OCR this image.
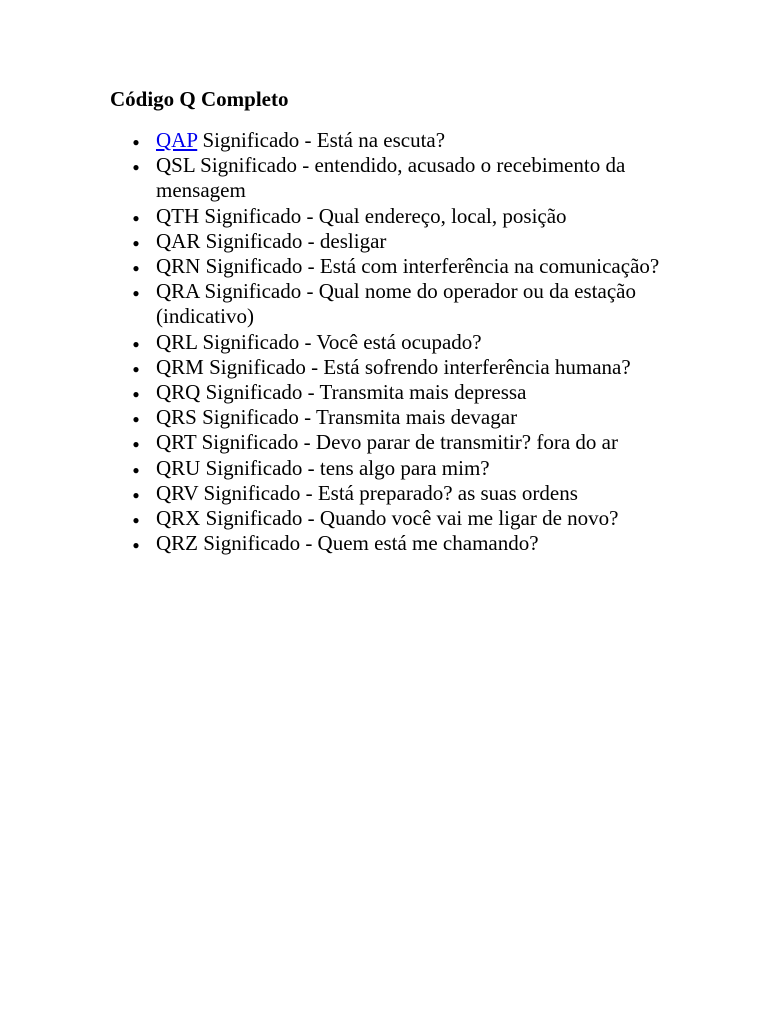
Código Q Completo
● QAP Significado - Está na escuta?
● QSL Significado - entendido, acusado o recebimento da mensagem
● QTH Significado - Qual endereço, local, posição
● QAR Significado - desligar
● QRN Significado - Está com interferência na comunicação?
● QRA Significado - Qual nome do operador ou da estação (indicativo)
● QRL Significado - Você está ocupado?
● QRM Significado - Está sofrendo interferência humana?
● QRQ Significado - Transmita mais depressa
● QRS Significado - Transmita mais devagar
● QRT Significado - Devo parar de transmitir? fora do ar
● QRU Significado - tens algo para mim?
● QRV Significado - Está preparado? as suas ordens
● QRX Significado - Quando você vai me ligar de novo?
● QRZ Significado - Quem está me chamando?
